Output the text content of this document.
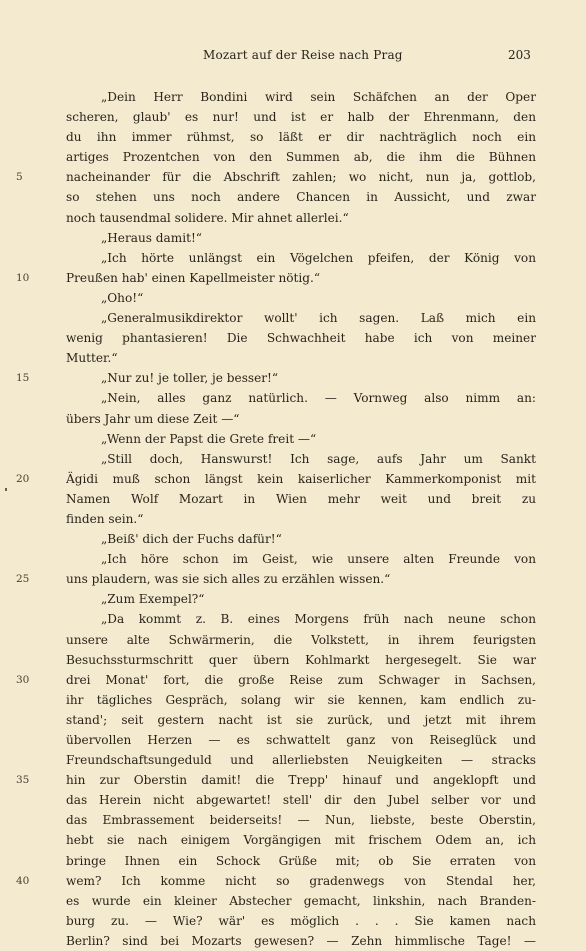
Mozart auf der Reise nach Prag	203
„Dein Herr Bondini wird sein Schäfchen an der Oper
scheren, glaub' es nur! und ist er halb der Ehrenmann, den
du ihn immer rühmst, so läßt er dir nachträglich noch ein
artiges Prozentchen von den Summen ab, die ihm die Bühnen
5	nacheinander für die Abschrift zahlen; wo nicht, nun ja, gottlob,
so stehen uns noch andere Chancen in Aussicht, und zwar
noch tausendmal solidere. Mir ahnet allerlei.“
„Heraus damit!“
„Ich hörte unlängst ein Vögelchen pfeifen, der König von
10	Preußen hab' einen Kapellmeister nötig.“
„Oho!“
„Generalmusikdirektor wollt' ich sagen. Laß mich ein
wenig phantasieren! Die Schwachheit habe ich von meiner
Mutter.“
15	„Nur zu! je toller, je besser!“
„Nein, alles ganz natürlich. — Vornweg also nimm an:
übers Jahr um diese Zeit —“
„Wenn der Papst die Grete freit —“
„Still doch, Hanswurst! Ich sage, aufs Jahr um Sankt
20	Ägidi muß schon längst kein kaiserlicher Kammerkomponist mit
Namen Wolf Mozart in Wien mehr weit und breit zu
finden sein.“
„Beiß' dich der Fuchs dafür!“
„Ich höre schon im Geist, wie unsere alten Freunde von
25	uns plaudern, was sie sich alles zu erzählen wissen.“
„Zum Exempel?“
„Da kommt z. B. eines Morgens früh nach neune schon
unsere alte Schwärmerin, die Volkstett, in ihrem feurigsten
Besuchssturmschritt quer übern Kohlmarkt hergesegelt. Sie war
30	drei Monat' fort, die große Reise zum Schwager in Sachsen,
ihr tägliches Gespräch, solang wir sie kennen, kam endlich zu-
stand'; seit gestern nacht ist sie zurück, und jetzt mit ihrem
übervollen Herzen — es schwattelt ganz von Reiseglück und
Freundschaftsungeduld und allerliebsten Neuigkeiten — stracks
35	hin zur Oberstin damit! die Trepp' hinauf und angeklopft und
das Herein nicht abgewartet! stell' dir den Jubel selber vor und
das Embrassement beiderseits! — Nun, liebste, beste Oberstin,
hebt sie nach einigem Vorgängigen mit frischem Odem an, ich
bringe Ihnen ein Schock Grüße mit; ob Sie erraten von
40	wem? Ich komme nicht so gradenwegs von Stendal her,
es wurde ein kleiner Abstecher gemacht, linkshin, nach Branden-
burg zu. — Wie? wär' es möglich . . . Sie kamen nach
Berlin? sind bei Mozarts gewesen? — Zehn himmlische Tage! —
